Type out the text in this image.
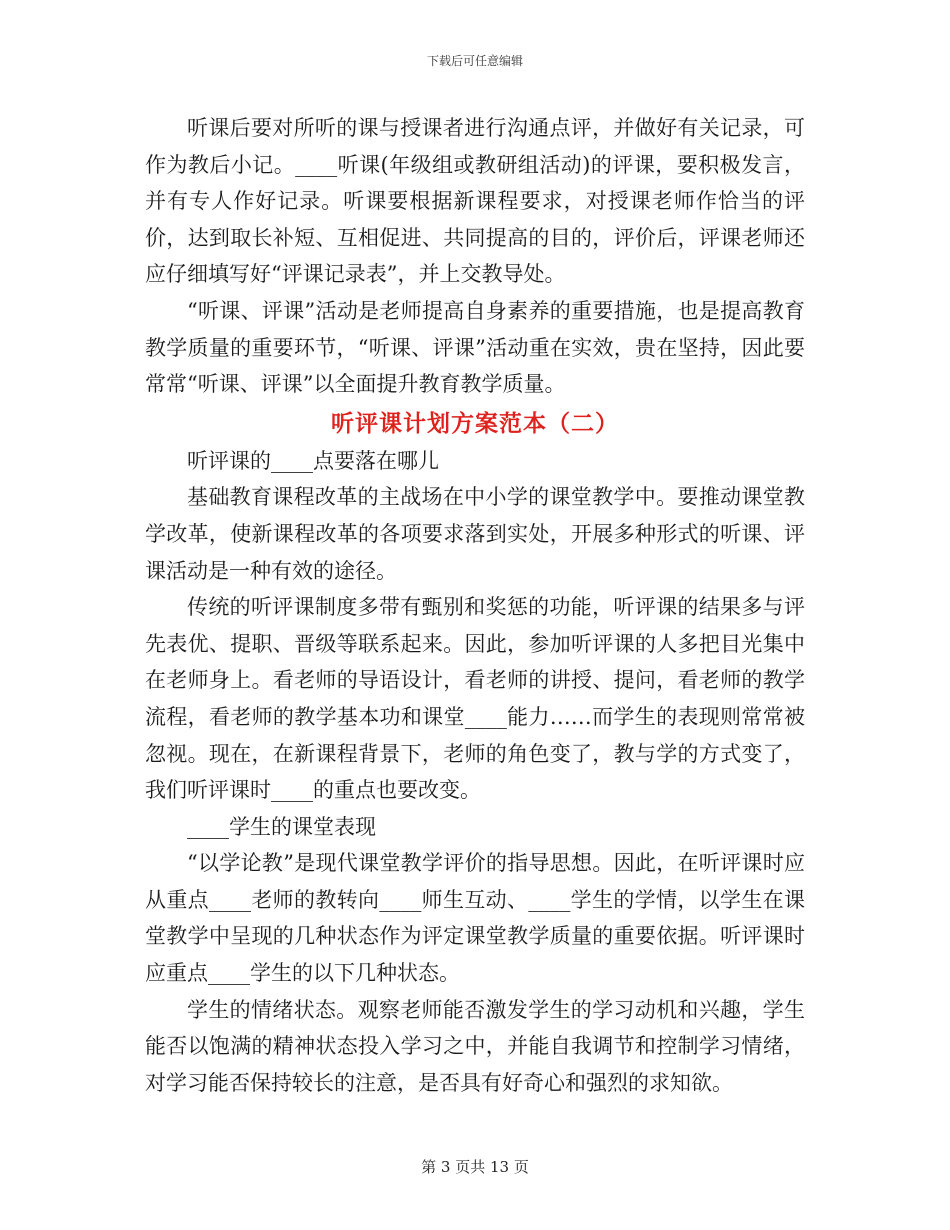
下载后可任意编辑

听课后要对所听的课与授课者进行沟通点评，并做好有关记录，可作为教后小记。____听课(年级组或教研组活动)的评课，要积极发言，并有专人作好记录。听课要根据新课程要求，对授课老师作恰当的评价，达到取长补短、互相促进、共同提高的目的，评价后，评课老师还应仔细填写好“评课记录表”，并上交教导处。

“听课、评课”活动是老师提高自身素养的重要措施，也是提高教育教学质量的重要环节，“听课、评课”活动重在实效，贵在坚持，因此要常常“听课、评课”以全面提升教育教学质量。

听评课计划方案范本（二）

听评课的____点要落在哪儿

基础教育课程改革的主战场在中小学的课堂教学中。要推动课堂教学改革，使新课程改革的各项要求落到实处，开展多种形式的听课、评课活动是一种有效的途径。

传统的听评课制度多带有甄别和奖惩的功能，听评课的结果多与评先表优、提职、晋级等联系起来。因此，参加听评课的人多把目光集中在老师身上。看老师的导语设计，看老师的讲授、提问，看老师的教学流程，看老师的教学基本功和课堂____能力……而学生的表现则常常被忽视。现在，在新课程背景下，老师的角色变了，教与学的方式变了，我们听评课时____的重点也要改变。

____学生的课堂表现

“以学论教”是现代课堂教学评价的指导思想。因此，在听评课时应从重点____老师的教转向____师生互动、____学生的学情，以学生在课堂教学中呈现的几种状态作为评定课堂教学质量的重要依据。听评课时应重点____学生的以下几种状态。

学生的情绪状态。观察老师能否激发学生的学习动机和兴趣，学生能否以饱满的精神状态投入学习之中，并能自我调节和控制学习情绪，对学习能否保持较长的注意，是否具有好奇心和强烈的求知欲。

第 3 页共 13 页
